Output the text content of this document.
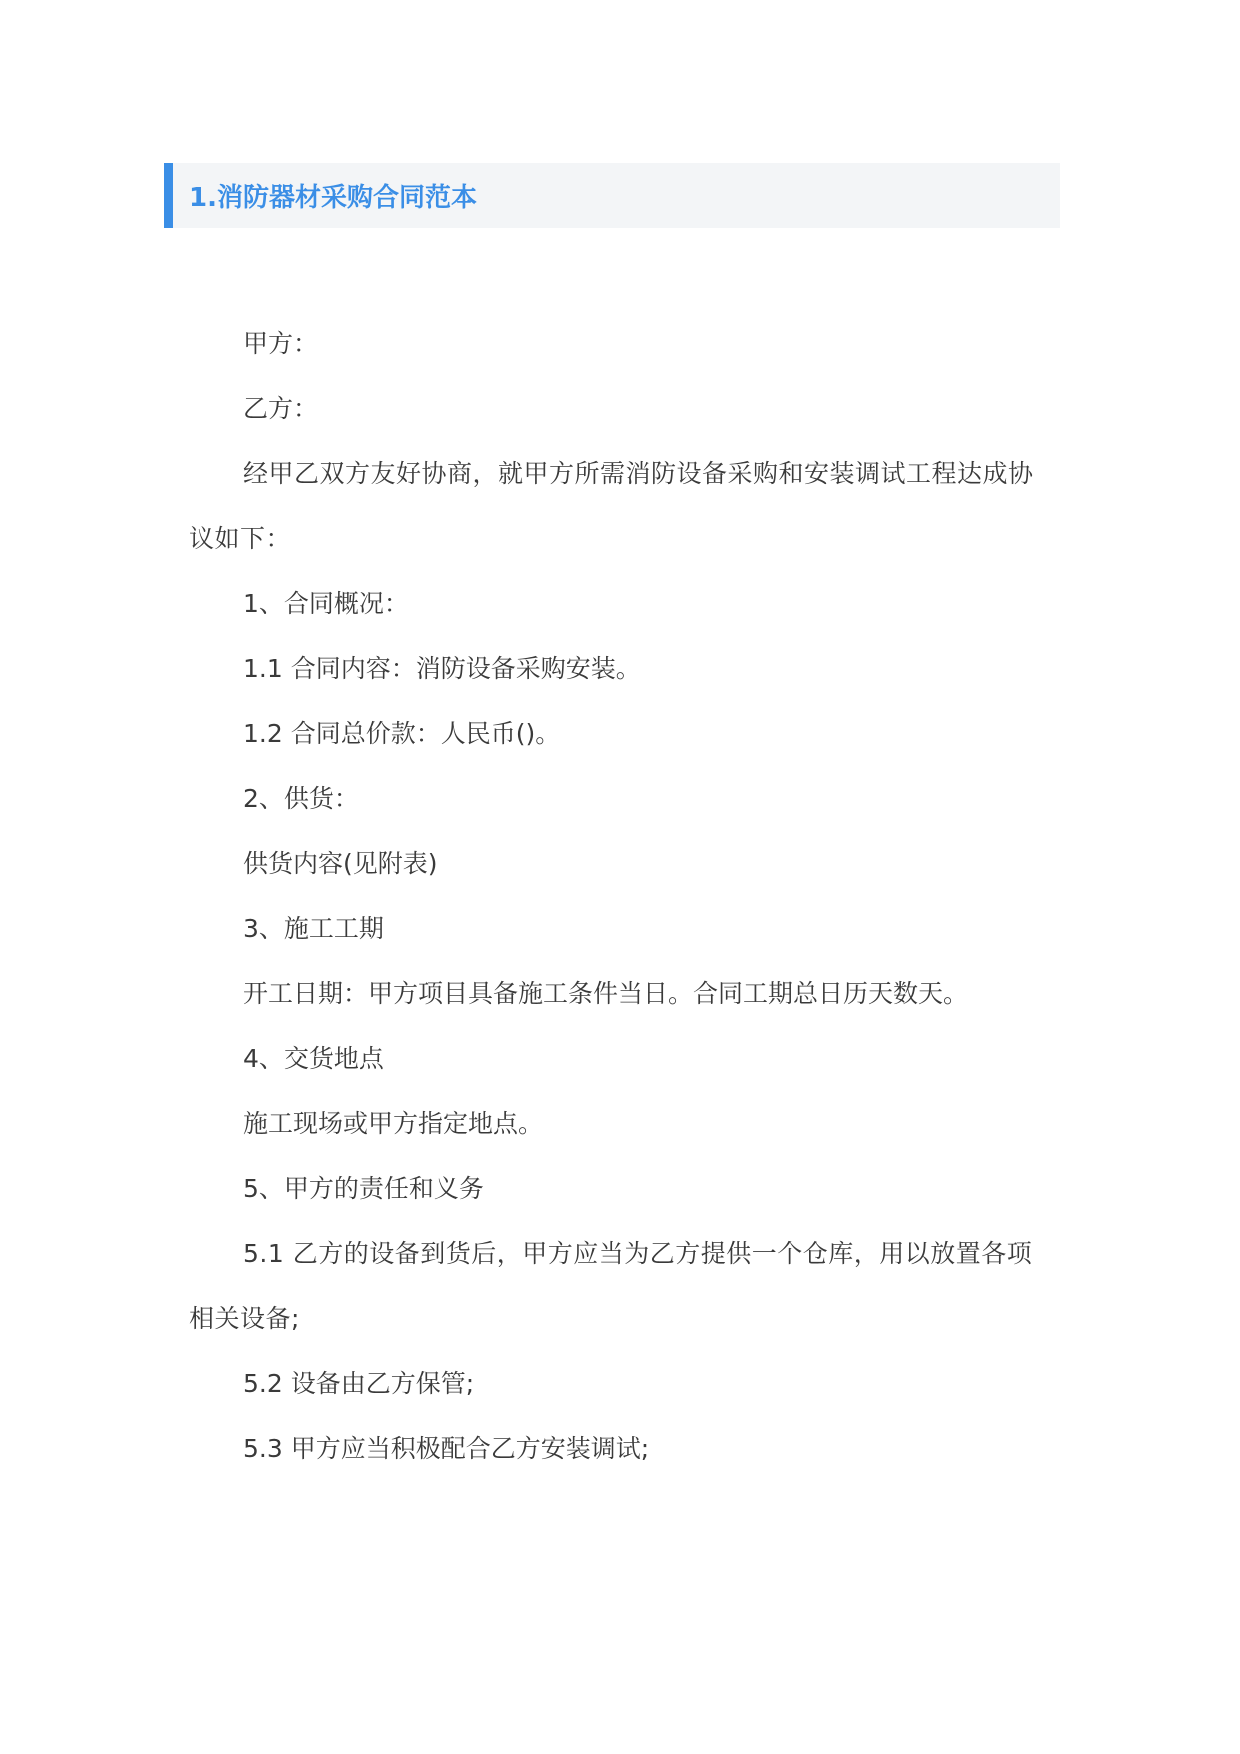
1.消防器材采购合同范本

甲方：

乙方：

经甲乙双方友好协商，就甲方所需消防设备采购和安装调试工程达成协议如下：

1、合同概况：

1.1 合同内容：消防设备采购安装。

1.2 合同总价款：人民币()。

2、供货：

供货内容(见附表)

3、施工工期

开工日期：甲方项目具备施工条件当日。合同工期总日历天数天。

4、交货地点

施工现场或甲方指定地点。

5、甲方的责任和义务

5.1 乙方的设备到货后，甲方应当为乙方提供一个仓库，用以放置各项相关设备;

5.2 设备由乙方保管;

5.3 甲方应当积极配合乙方安装调试;
